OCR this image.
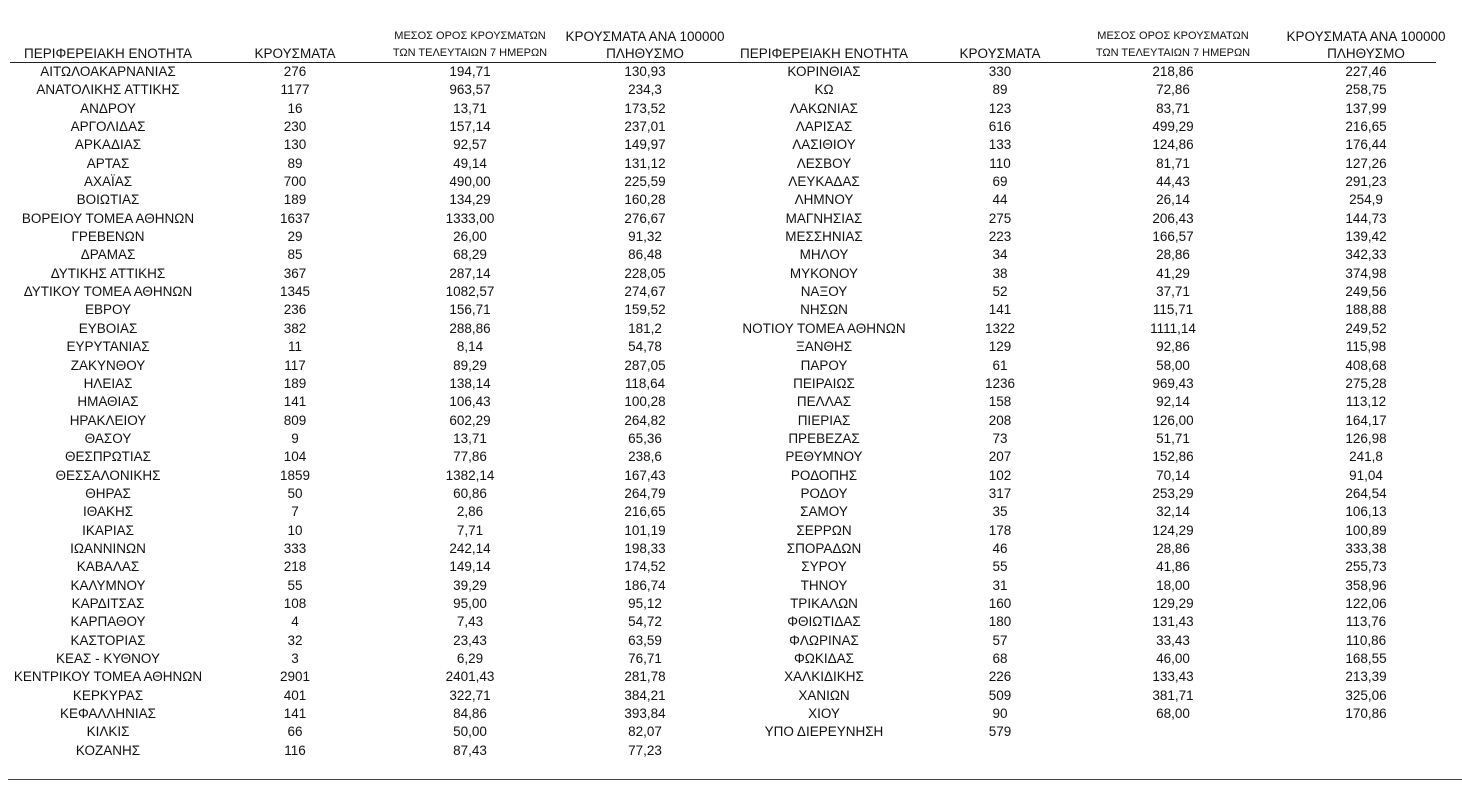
ΠΕΡΙΦΕΡΕΙΑΚΗ ΕΝΟΤΗΤΑ	ΚΡΟΥΣΜΑΤΑ
ΜΕΣΟΣ ΟΡΟΣ ΚΡΟΥΣΜΑΤΩΝ
ΤΩΝ ΤΕΛΕΥΤΑΙΩΝ 7 ΗΜΕΡΩΝ
ΚΡΟΥΣΜΑΤΑ ΑΝΑ 100000
ΠΛΗΘΥΣΜΟ
ΑΙΤΩΛΟΑΚΑΡΝΑΝΙΑΣ	276	194,71	130,93
ΑΝΑΤΟΛΙΚΗΣ ΑΤΤΙΚΗΣ	1177	963,57	234,3
ΑΝΔΡΟΥ	16	13,71	173,52
ΑΡΓΟΛΙΔΑΣ	230	157,14	237,01
ΑΡΚΑΔΙΑΣ	130	92,57	149,97
ΑΡΤΑΣ	89	49,14	131,12
ΑΧΑΪΑΣ	700	490,00	225,59
ΒΟΙΩΤΙΑΣ	189	134,29	160,28
ΒΟΡΕΙΟΥ ΤΟΜΕΑ ΑΘΗΝΩΝ	1637	1333,00	276,67
ΓΡΕΒΕΝΩΝ	29	26,00	91,32
ΔΡΑΜΑΣ	85	68,29	86,48
ΔΥΤΙΚΗΣ ΑΤΤΙΚΗΣ	367	287,14	228,05
ΔΥΤΙΚΟΥ ΤΟΜΕΑ ΑΘΗΝΩΝ	1345	1082,57	274,67
ΕΒΡΟΥ	236	156,71	159,52
ΕΥΒΟΙΑΣ	382	288,86	181,2
ΕΥΡΥΤΑΝΙΑΣ	11	8,14	54,78
ΖΑΚΥΝΘΟΥ	117	89,29	287,05
ΗΛΕΙΑΣ	189	138,14	118,64
ΗΜΑΘΙΑΣ	141	106,43	100,28
ΗΡΑΚΛΕΙΟΥ	809	602,29	264,82
ΘΑΣΟΥ	9	13,71	65,36
ΘΕΣΠΡΩΤΙΑΣ	104	77,86	238,6
ΘΕΣΣΑΛΟΝΙΚΗΣ	1859	1382,14	167,43
ΘΗΡΑΣ	50	60,86	264,79
ΙΘΑΚΗΣ	7	2,86	216,65
ΙΚΑΡΙΑΣ	10	7,71	101,19
ΙΩΑΝΝΙΝΩΝ	333	242,14	198,33
ΚΑΒΑΛΑΣ	218	149,14	174,52
ΚΑΛΥΜΝΟΥ	55	39,29	186,74
ΚΑΡΔΙΤΣΑΣ	108	95,00	95,12
ΚΑΡΠΑΘΟΥ	4	7,43	54,72
ΚΑΣΤΟΡΙΑΣ	32	23,43	63,59
ΚΕΑΣ - ΚΥΘΝΟΥ	3	6,29	76,71
ΚΕΝΤΡΙΚΟΥ ΤΟΜΕΑ ΑΘΗΝΩΝ	2901	2401,43	281,78
ΚΕΡΚΥΡΑΣ	401	322,71	384,21
ΚΕΦΑΛΛΗΝΙΑΣ	141	84,86	393,84
ΚΙΛΚΙΣ	66	50,00	82,07
ΚΟΖΑΝΗΣ	116	87,43	77,23
ΠΕΡΙΦΕΡΕΙΑΚΗ ΕΝΟΤΗΤΑ	ΚΡΟΥΣΜΑΤΑ
ΜΕΣΟΣ ΟΡΟΣ ΚΡΟΥΣΜΑΤΩΝ
ΤΩΝ ΤΕΛΕΥΤΑΙΩΝ 7 ΗΜΕΡΩΝ
ΚΡΟΥΣΜΑΤΑ ΑΝΑ 100000
ΠΛΗΘΥΣΜΟ
ΚΟΡΙΝΘΙΑΣ	330	218,86	227,46
ΚΩ	89	72,86	258,75
ΛΑΚΩΝΙΑΣ	123	83,71	137,99
ΛΑΡΙΣΑΣ	616	499,29	216,65
ΛΑΣΙΘΙΟΥ	133	124,86	176,44
ΛΕΣΒΟΥ	110	81,71	127,26
ΛΕΥΚΑΔΑΣ	69	44,43	291,23
ΛΗΜΝΟΥ	44	26,14	254,9
ΜΑΓΝΗΣΙΑΣ	275	206,43	144,73
ΜΕΣΣΗΝΙΑΣ	223	166,57	139,42
ΜΗΛΟΥ	34	28,86	342,33
ΜΥΚΟΝΟΥ	38	41,29	374,98
ΝΑΞΟΥ	52	37,71	249,56
ΝΗΣΩΝ	141	115,71	188,88
ΝΟΤΙΟΥ ΤΟΜΕΑ ΑΘΗΝΩΝ	1322	1111,14	249,52
ΞΑΝΘΗΣ	129	92,86	115,98
ΠΑΡΟΥ	61	58,00	408,68
ΠΕΙΡΑΙΩΣ	1236	969,43	275,28
ΠΕΛΛΑΣ	158	92,14	113,12
ΠΙΕΡΙΑΣ	208	126,00	164,17
ΠΡΕΒΕΖΑΣ	73	51,71	126,98
ΡΕΘΥΜΝΟΥ	207	152,86	241,8
ΡΟΔΟΠΗΣ	102	70,14	91,04
ΡΟΔΟΥ	317	253,29	264,54
ΣΑΜΟΥ	35	32,14	106,13
ΣΕΡΡΩΝ	178	124,29	100,89
ΣΠΟΡΑΔΩΝ	46	28,86	333,38
ΣΥΡΟΥ	55	41,86	255,73
ΤΗΝΟΥ	31	18,00	358,96
ΤΡΙΚΑΛΩΝ	160	129,29	122,06
ΦΘΙΩΤΙΔΑΣ	180	131,43	113,76
ΦΛΩΡΙΝΑΣ	57	33,43	110,86
ΦΩΚΙΔΑΣ	68	46,00	168,55
ΧΑΛΚΙΔΙΚΗΣ	226	133,43	213,39
ΧΑΝΙΩΝ	509	381,71	325,06
ΧΙΟΥ	90	68,00	170,86
ΥΠΟ ΔΙΕΡΕΥΝΗΣΗ	579
